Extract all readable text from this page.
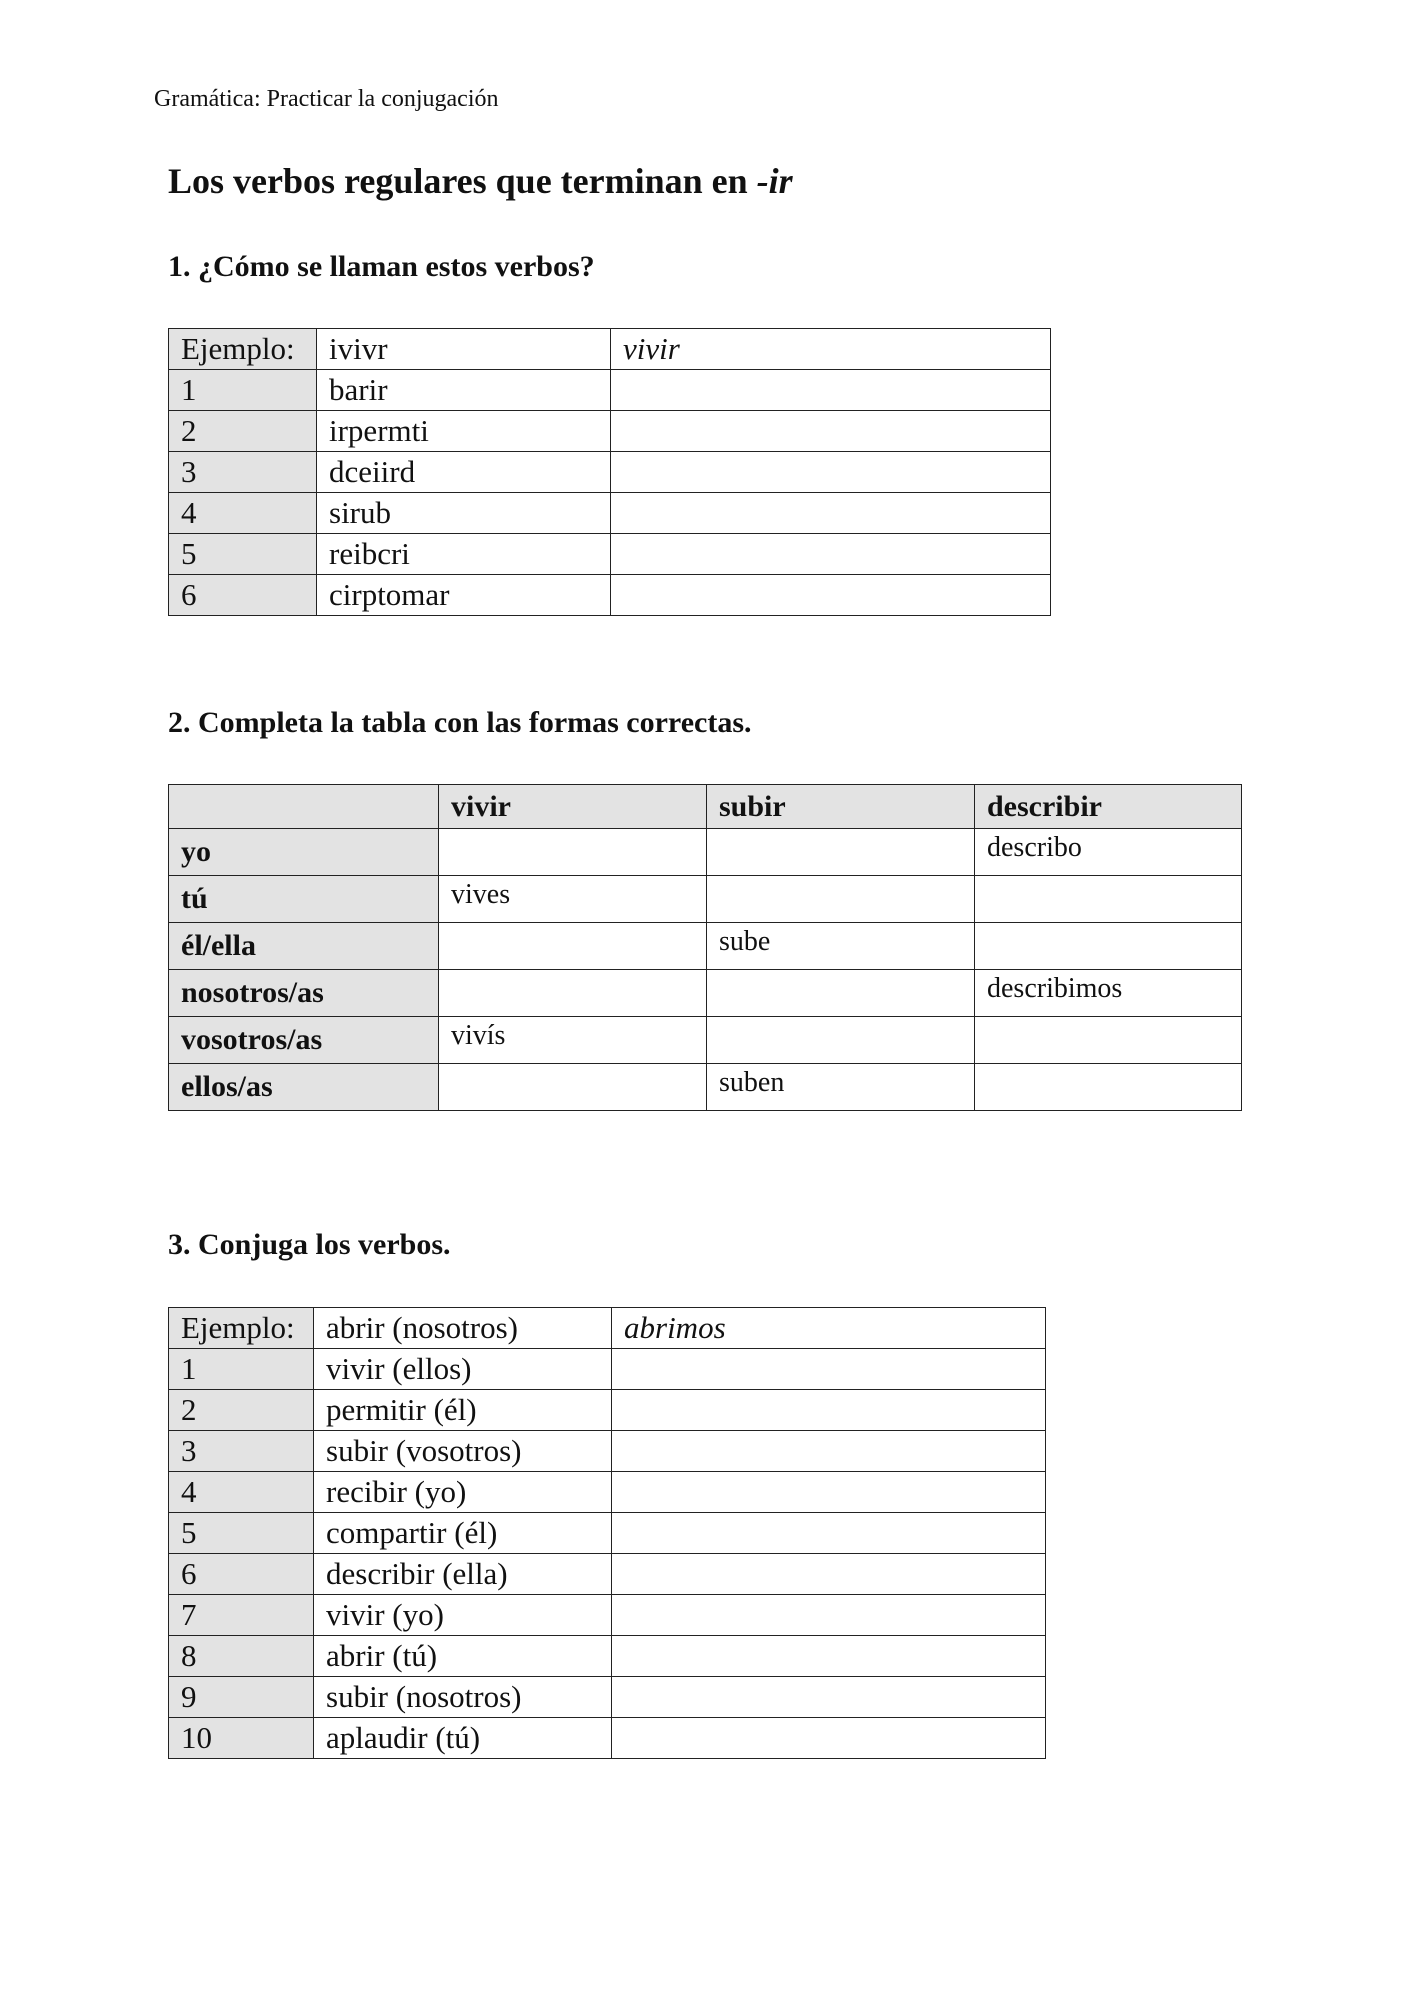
Gramática: Practicar la conjugación
Los verbos regulares que terminan en -ir
1. ¿Cómo se llaman estos verbos?
Ejemplo:	ivivr	vivir
1	barir	
2	irpermti	
3	dceiird	
4	sirub	
5	reibcri	
6	cirptomar	
2. Completa la tabla con las formas correctas.
	vivir	subir	describir
yo			describo
tú	vives		
él/ella		sube	
nosotros/as			describimos
vosotros/as	vivís		
ellos/as		suben	
3. Conjuga los verbos.
Ejemplo:	abrir (nosotros)	abrimos
1	vivir (ellos)	
2	permitir (él)	
3	subir (vosotros)	
4	recibir (yo)	
5	compartir (él)	
6	describir (ella)	
7	vivir (yo)	
8	abrir (tú)	
9	subir (nosotros)	
10	aplaudir (tú)	
